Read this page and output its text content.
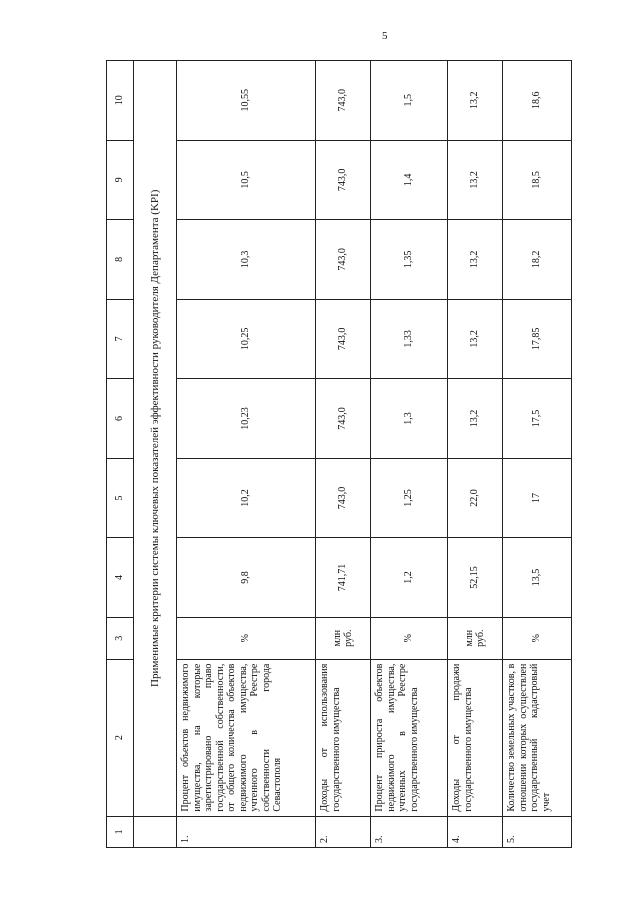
5
1	2	3	4	5	6	7	8	9	10
	Применимые критерии системы ключевых показателей эффективности руководителя Департамента (KPI)								
1.	Процент объектов недвижимого имущества, на которые зарегистрировано право государственной собственности, от общего количества объектов недвижимого имущества, учтенного в Реестре собственности города Севастополя	%	9,8	10,2	10,23	10,25	10,3	10,5	10,55
2.	Доходы от использования государственного имущества	млн руб.	741,71	743,0	743,0	743,0	743,0	743,0	743,0
3.	Процент прироста объектов недвижимого имущества, учтенных в Реестре государственного имущества	%	1,2	1,25	1,3	1,33	1,35	1,4	1,5
4.	Доходы от продажи государственного имущества	млн руб.	52,15	22,0	13,2	13,2	13,2	13,2	13,2
5.	Количество земельных участков, в отношении которых осуществлен государственный кадастровый учет	%	13,5	17	17,5	17,85	18,2	18,5	18,6
